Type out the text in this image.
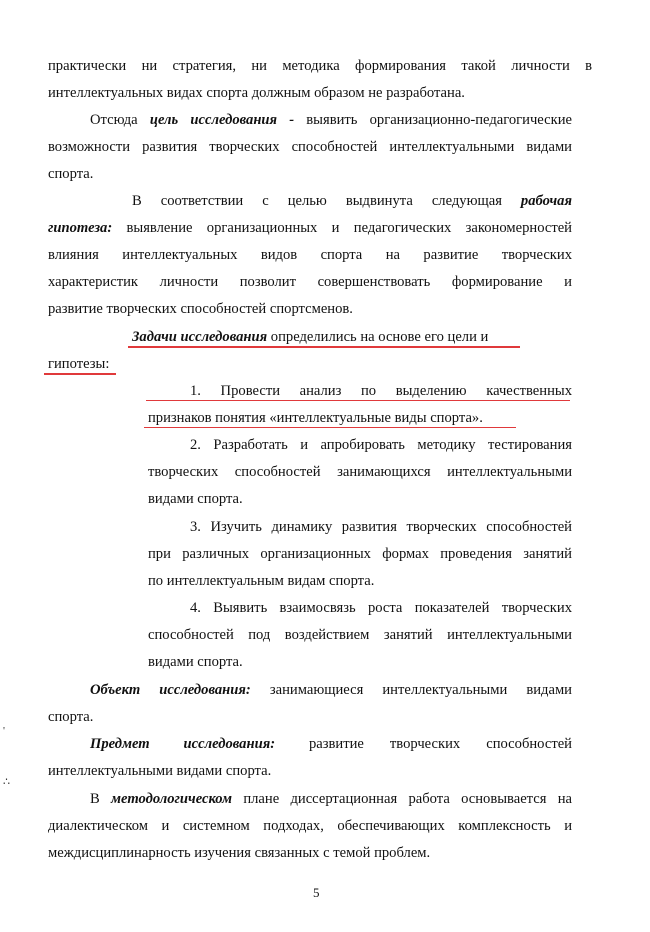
практически ни стратегия, ни методика формирования такой личности в
интеллектуальных видах спорта должным образом не разработана.
Отсюда цель исследования - выявить организационно-педагогические
возможности развития творческих способностей интеллектуальными видами
спорта.
В соответствии с целью выдвинута следующая рабочая
гипотеза: выявление организационных и педагогических закономерностей
влияния интеллектуальных видов спорта на развитие творческих
характеристик личности позволит совершенствовать формирование и
развитие творческих способностей спортсменов.
Задачи исследования определились на основе его цели и
гипотезы:
1. Провести анализ по выделению качественных
признаков понятия «интеллектуальные виды спорта».
2. Разработать и апробировать методику тестирования
творческих способностей занимающихся интеллектуальными
видами спорта.
3. Изучить динамику развития творческих способностей
при различных организационных формах проведения занятий
по интеллектуальным видам спорта.
4. Выявить взаимосвязь роста показателей творческих
способностей под воздействием занятий интеллектуальными
видами спорта.
Объект исследования: занимающиеся интеллектуальными видами
спорта.
Предмет исследования: развитие творческих способностей
интеллектуальными видами спорта.
В методологическом плане диссертационная работа основывается на
диалектическом и системном подходах, обеспечивающих комплексность и
междисциплинарность изучения связанных с темой проблем.
'
∴
5
